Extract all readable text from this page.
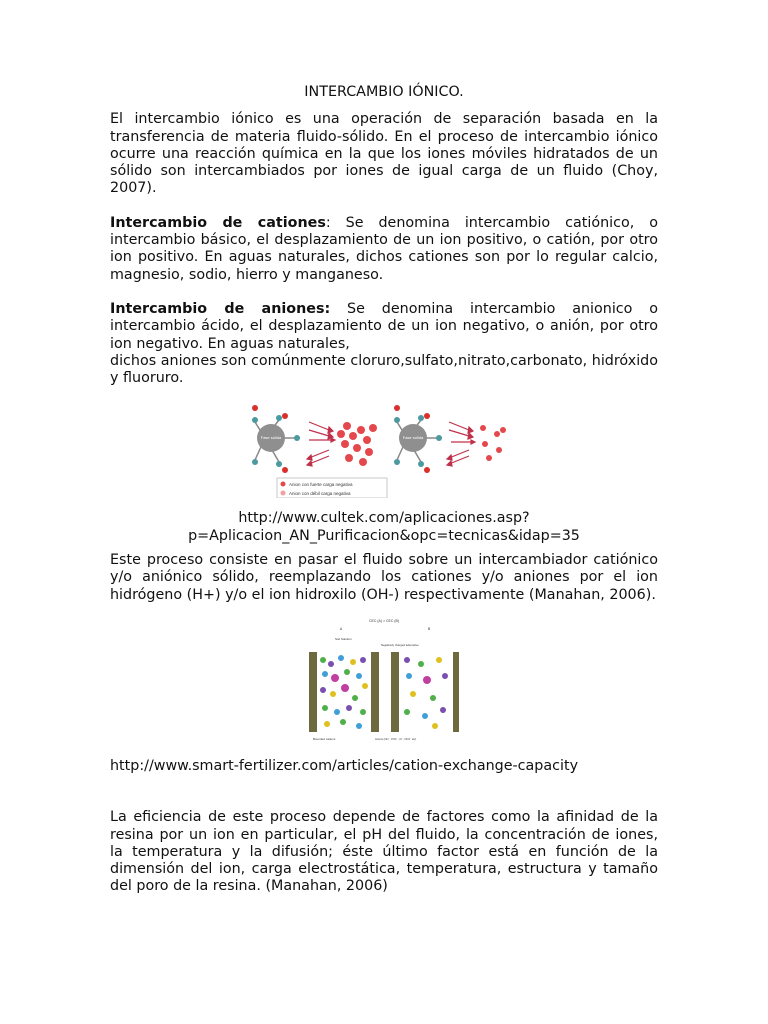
INTERCAMBIO IÓNICO.

El intercambio iónico es una operación de separación basada en la transferencia de materia fluido-sólido. En el proceso de intercambio iónico ocurre una reacción química en la que los iones móviles hidratados de un sólido son intercambiados por iones de igual carga de un fluido (Choy, 2007).

Intercambio de cationes: Se denomina intercambio catiónico, o intercambio básico, el desplazamiento de un ion positivo, o catión, por otro ion positivo. En aguas naturales, dichos cationes son por lo regular calcio, magnesio, sodio, hierro y manganeso.

Intercambio de aniones: Se denomina intercambio anionico o intercambio ácido, el desplazamiento de un ion negativo, o anión, por otro ion negativo. En aguas naturales,

dichos aniones son comúnmente cloruro,sulfato,nitrato,carbonato, hidróxido y fluoruro.

Fase sólida	Fase sólida
Anion con fuerte carga negativa
Anion con débil carga negativa

http://www.cultek.com/aplicaciones.asp?

p=Aplicacion_AN_Purificacion&opc=tecnicas&idap=35

Este proceso consiste en pasar el fluido sobre un intercambiador catiónico y/o aniónico sólido, reemplazando los cationes y/o aniones por el ion hidrógeno (H+) y/o el ion hidroxilo (OH-) respectivamente (Manahan, 2006).

CEC (A) > CEC (B)
A	B
Soil Solution
Negatively charged adsorptive
Bounded cations	Anions (OH⁻, PO4⁻, Cl⁻, NO3⁻ etc)

http://www.smart-fertilizer.com/articles/cation-exchange-capacity

La eficiencia de este proceso depende de factores como la afinidad de la resina por un ion en particular, el pH del fluido, la concentración de iones, la temperatura y la difusión; éste último factor está en función de la dimensión del ion, carga electrostática, temperatura, estructura y tamaño del poro de la resina. (Manahan, 2006)
